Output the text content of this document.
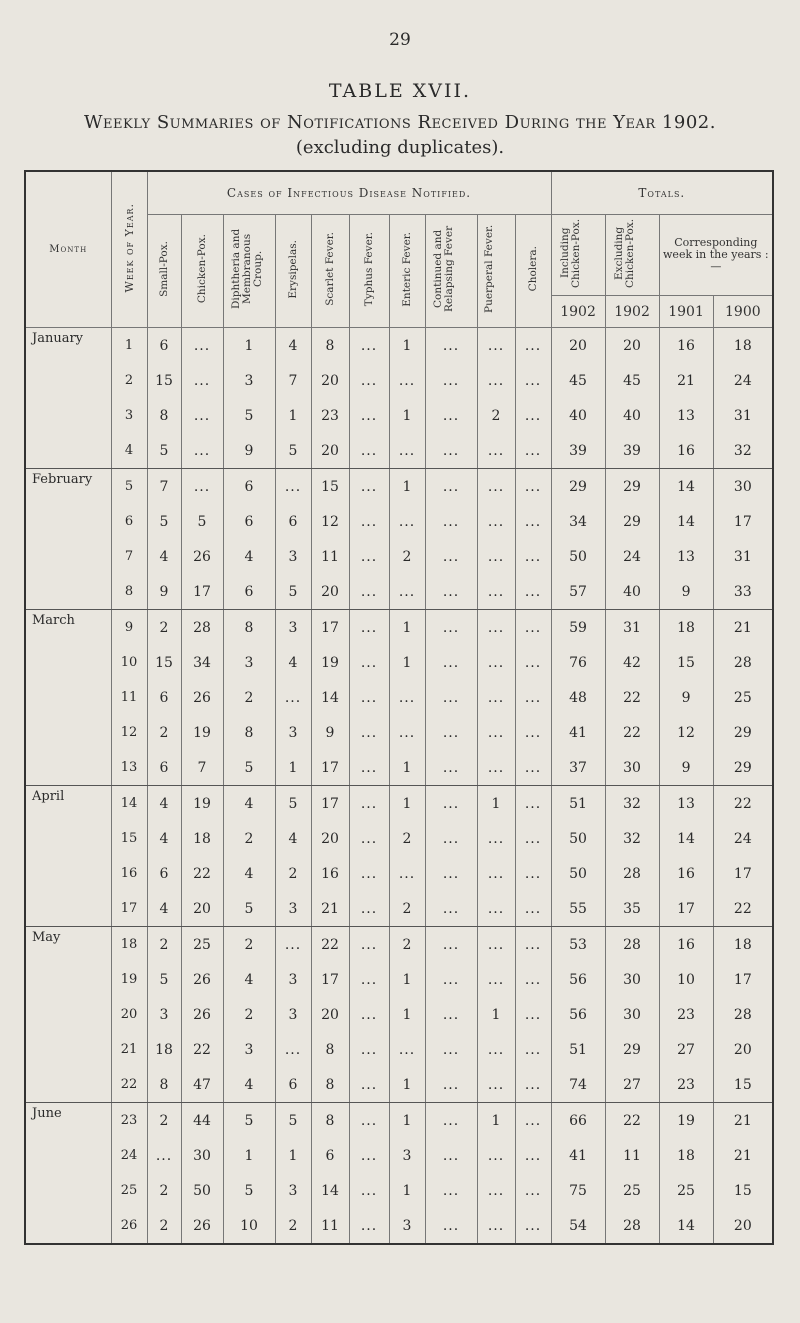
29
TABLE XVII.
Weekly Summaries of Notifications Received During the Year 1902.
(excluding duplicates).
Month	Week of Year.	Cases of Infectious Disease Notified.										Totals.			
		Small-Pox.	Chicken-Pox.	Diphtheria and Membranous Croup.	Erysipelas.	Scarlet Fever.	Typhus Fever.	Enteric Fever.	Continued and Relapsing Fever	Puerperal Fever.	Cholera.	Including Chicken-Pox.	Excluding Chicken-Pox.	Corresponding week in the years :—	
												1902	1902	1901	1900
January	1	6	...	1	4	8	...	1	...	...	...	20	20	16	18
	2	15	...	3	7	20	...	...	...	...	...	45	45	21	24
	3	8	...	5	1	23	...	1	...	2	...	40	40	13	31
	4	5	...	9	5	20	...	...	...	...	...	39	39	16	32
February	5	7	...	6	...	15	...	1	...	...	...	29	29	14	30
	6	5	5	6	6	12	...	...	...	...	...	34	29	14	17
	7	4	26	4	3	11	...	2	...	...	...	50	24	13	31
	8	9	17	6	5	20	...	...	...	...	...	57	40	9	33
March	9	2	28	8	3	17	...	1	...	...	...	59	31	18	21
	10	15	34	3	4	19	...	1	...	...	...	76	42	15	28
	11	6	26	2	...	14	...	...	...	...	...	48	22	9	25
	12	2	19	8	3	9	...	...	...	...	...	41	22	12	29
	13	6	7	5	1	17	...	1	...	...	...	37	30	9	29
April	14	4	19	4	5	17	...	1	...	1	...	51	32	13	22
	15	4	18	2	4	20	...	2	...	...	...	50	32	14	24
	16	6	22	4	2	16	...	...	...	...	...	50	28	16	17
	17	4	20	5	3	21	...	2	...	...	...	55	35	17	22
May	18	2	25	2	...	22	...	2	...	...	...	53	28	16	18
	19	5	26	4	3	17	...	1	...	...	...	56	30	10	17
	20	3	26	2	3	20	...	1	...	1	...	56	30	23	28
	21	18	22	3	...	8	...	...	...	...	...	51	29	27	20
	22	8	47	4	6	8	...	1	...	...	...	74	27	23	15
June	23	2	44	5	5	8	...	1	...	1	...	66	22	19	21
	24	...	30	1	1	6	...	3	...	...	...	41	11	18	21
	25	2	50	5	3	14	...	1	...	...	...	75	25	25	15
	26	2	26	10	2	11	...	3	...	...	...	54	28	14	20
